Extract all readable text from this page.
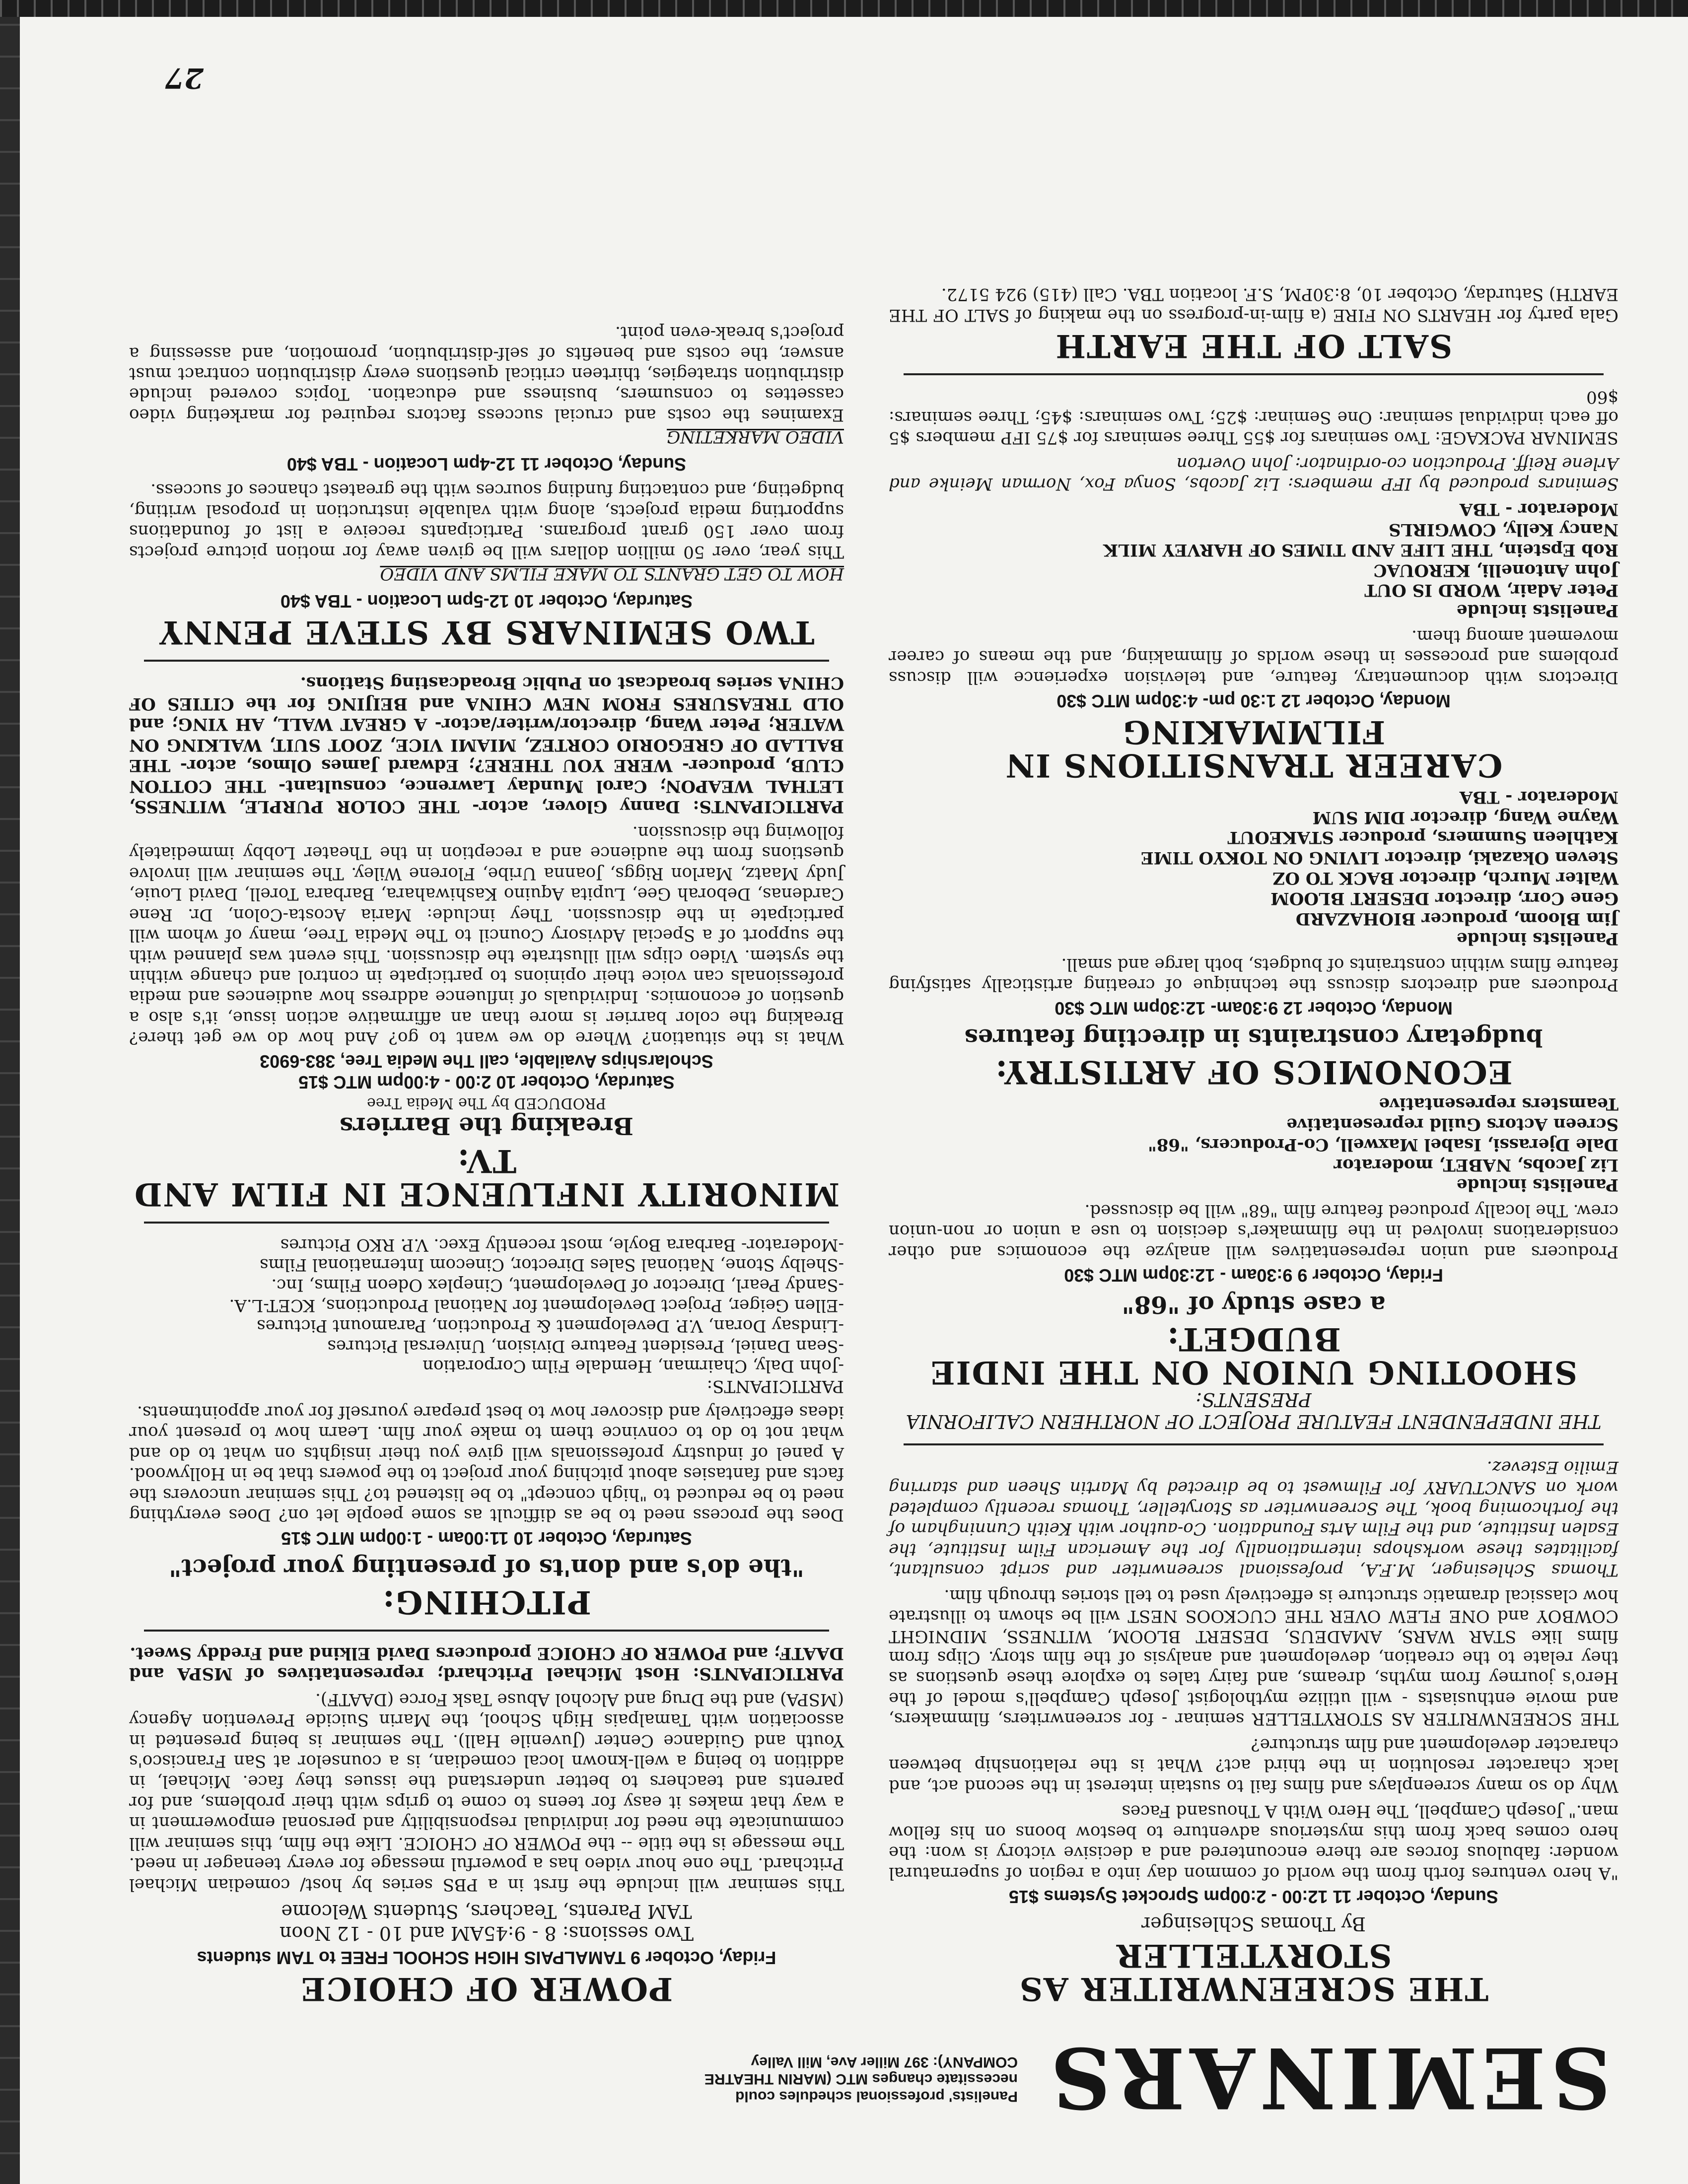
SEMINARS
Panelists' professional schedules could necessitate changes MTC (MARIN THEATRE COMPANY): 397 Miller Ave, Mill Valley
THE SCREENWRITER AS STORYTELLER
By Thomas Schlesinger
Sunday, October 11 12:00 - 2:00pm Sprocket Systems $15

"A hero ventures forth from the world of common day into a region of supernatural wonder: fabulous forces are there encountered and a decisive victory is won: the hero comes back from this mysterious adventure to bestow boons on his fellow man." Joseph Campbell, The Hero With A Thousand Faces

Why do so many screenplays and films fail to sustain interest in the second act, and lack character resolution in the third act? What is the relationship between character development and film structure?

THE SCREENWRITER AS STORYTELLER seminar - for screenwriters, filmmakers, and movie enthusiasts - will utilize mythologist Joseph Campbell's model of the Hero's journey from myths, dreams, and fairy tales to explore these questions as they relate to the creation, development and analysis of the film story. Clips from films like STAR WARS, AMADEUS, DESERT BLOOM, WITNESS, MIDNIGHT COWBOY and ONE FLEW OVER THE CUCKOOS NEST will be shown to illustrate how classical dramatic structure is effectively used to tell stories through film.

Thomas Schlesinger, M.F.A, professional screenwriter and script consultant, facilitates these workshops internationally for the American Film Institute, the Esalen Institute, and the Film Arts Foundation. Co-author with Keith Cunningham of the forthcoming book, The Screenwriter as Storyteller, Thomas recently completed work on SANCTUARY for Filmwest to be directed by Martin Sheen and starring Emilio Estevez.

THE INDEPENDENT FEATURE PROJECT OF NORTHERN CALIFORNIA PRESENTS:
SHOOTING UNION ON THE INDIE BUDGET:
a case study of "68"
Friday, October 9 9:30am - 12:30pm MTC $30

Producers and union representatives will analyze the economics and other considerations involved in the filmmaker's decision to use a union or non-union crew. The locally produced feature film "68" will be discussed.

Panelists include
Liz Jacobs, NABET, moderator
Dale Djerassi, Isabel Maxwell, Co-Producers, "68"
Screen Actors Guild representative
Teamsters representative
ECONOMICS OF ARTISTRY:
budgetary constraints in directing features
Monday, October 12 9:30am- 12:30pm MTC $30

Producers and directors discuss the technique of creating artistically satisfying feature films within constraints of budgets, both large and small.

Panelists include
Jim Bloom, producer BIOHAZARD
Gene Corr, director DESERT BLOOM
Walter Murch, director BACK TO OZ
Steven Okazaki, director LIVING ON TOKYO TIME
Kathleen Summers, producer STAKEOUT
Wayne Wang, director DIM SUM
Moderator - TBA
CAREER TRANSITIONS IN FILMMAKING
Monday, October 12 1:30 pm- 4:30pm MTC $30

Directors with documentary, feature, and television experience will discuss problems and processes in these worlds of filmmaking, and the means of career movement among them.

Panelists include
Peter Adair, WORD IS OUT
John Antonelli, KEROUAC
Rob Epstein, THE LIFE AND TIMES OF HARVEY MILK
Nancy Kelly, COWGIRLS
Moderator - TBA

Seminars produced by IFP members: Liz Jacobs, Sonya Fox, Norman Meinke and Arlene Reiff. Production co-ordinator: John Overton

SEMINAR PACKAGE: Two seminars for $55 Three seminars for $75 IFP members $5 off each individual seminar: One Seminar: $25; Two seminars: $45; Three seminars: $60

SALT OF THE EARTH

Gala party for HEARTS ON FIRE (a film-in-progress on the making of SALT OF THE EARTH) Saturday, October 10, 8:30PM, S.F. location TBA. Call (415) 924 5172.

POWER OF CHOICE
Friday, October 9 TAMALPAIS HIGH SCHOOL FREE to TAM students
Two sessions: 8 - 9:45AM and 10 - 12 Noon
TAM Parents, Teachers, Students Welcome

This seminar will include the first in a PBS series by host/ comedian Michael Pritchard. The one hour video has a powerful message for every teenager in need. The message is the title -- the POWER OF CHOICE. Like the film, this seminar will communicate the need for individual responsibility and personal empowerment in a way that makes it easy for teens to come to grips with their problems, and for parents and teachers to better understand the issues they face. Michael, in addition to being a well-known local comedian, is a counselor at San Francisco's Youth and Guidance Center (Juvenile Hall). The seminar is being presented in association with Tamalpais High School, the Marin Suicide Prevention Agency (MSPA) and the Drug and Alcohol Abuse Task Force (DAATF).

PARTICIPANTS: Host Michael Pritchard; representatives of MSPA and DAATF; and POWER OF CHOICE producers David Elkind and Freddy Sweet.

PITCHING:
"the do's and don'ts of presenting your project"
Saturday, October 10 11:00am - 1:00pm MTC $15

Does the process need to be as difficult as some people let on? Does everything need to be reduced to "high concept" to be listened to? This seminar uncovers the facts and fantasies about pitching your project to the powers that be in Hollywood. A panel of industry professionals will give you their insights on what to do and what not to do to convince them to make your film. Learn how to present your ideas effectively and discover how to best prepare yourself for your appointments.

PARTICIPANTS:
-John Daly, Chairman, Hemdale Film Corporation
-Sean Daniel, President Feature Division, Universal Pictures
-Lindsay Doran, V.P. Development & Production, Paramount Pictures
-Ellen Geiger, Project Development for National Productions, KCET-L.A.
-Sandy Pearl, Director of Development, Cineplex Odeon Films, Inc.
-Shelby Stone, National Sales Director, Cinecom International Films
-Moderator- Barbara Boyle, most recently Exec. V.P. RKO Pictures
MINORITY INFLUENCE IN FILM AND TV:
Breaking the Barriers
PRODUCED by The Media Tree
Saturday, October 10 2:00 - 4:00pm MTC $15
Scholarships Available, call The Media Tree, 383-6903

What is the situation? Where do we want to go? And how do we get there? Breaking the color barrier is more than an affirmative action issue, it's also a question of economics. Individuals of influence address how audiences and media professionals can voice their opinions to participate in control and change within the system. Video clips will illustrate the discussion. This event was planned with the support of a Special Advisory Council to The Media Tree, many of whom will participate in the discussion. They include: Maria Acosta-Colon, Dr. Rene Cardenas, Deborah Gee, Lupita Aquino Kashiwahara, Barbara Torell, David Louie, Judy Maatz, Marlon Riggs, Joanna Uribe, Florene Wiley. The seminar will involve questions from the audience and a reception in the Theater Lobby immediately following the discussion.

PARTICIPANTS: Danny Glover, actor- THE COLOR PURPLE, WITNESS, LETHAL WEAPON; Carol Munday Lawrence, consultant- THE COTTON CLUB, producer- WERE YOU THERE?; Edward James Olmos, actor- THE BALLAD OF GREGORIO CORTEZ, MIAMI VICE, ZOOT SUIT, WALKING ON WATER; Peter Wang, director/writer/actor- A GREAT WALL, AH YING; and OLD TREASURES FROM NEW CHINA and BEIJING for the CITIES OF CHINA series broadcast on Public Broadcasting Stations.

TWO SEMINARS BY STEVE PENNY
Saturday, October 10 12-5pm Location - TBA $40
HOW TO GET GRANTS TO MAKE FILMS AND VIDEO

This year, over 50 million dollars will be given away for motion picture projects from over 150 grant programs. Participants receive a list of foundations supporting media projects, along with valuable instruction in proposal writing, budgeting, and contacting funding sources with the greatest chances of success.

Sunday, October 11 12-4pm Location - TBA $40
VIDEO MARKETING

Examines the costs and crucial success factors required for marketing video cassettes to consumers, business and education. Topics covered include distribution strategies, thirteen critical questions every distribution contract must answer, the costs and benefits of self-distribution, promotion, and assessing a project's break-even point.

27
